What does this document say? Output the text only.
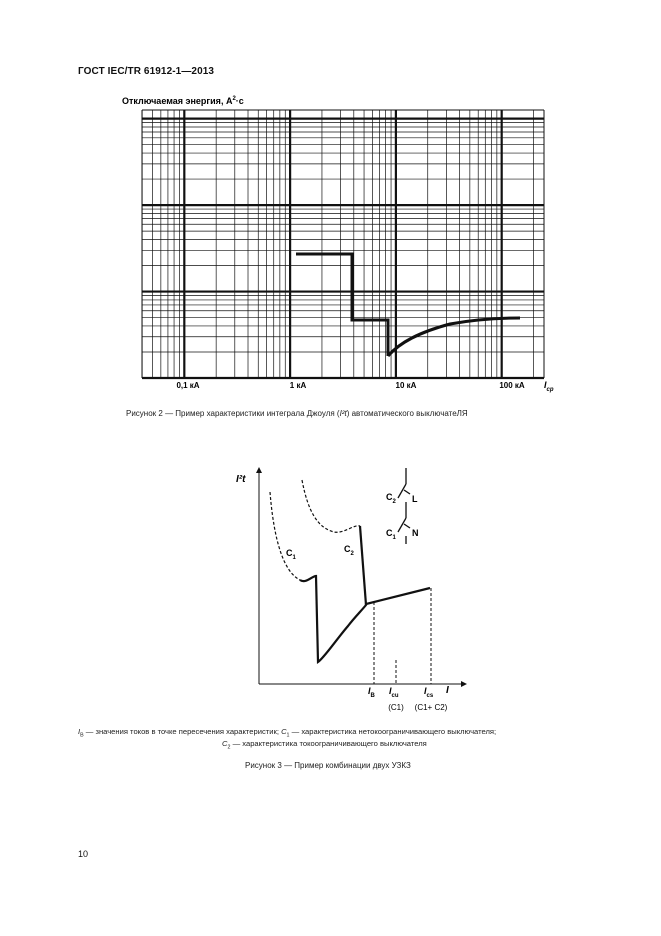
ГОСТ IEC/TR 61912-1—2013
Отключаемая энергия, $A^2\cdot с$
0,1 кА	1 кА	10 кА	100 кА $I_{ср}$
Рисунок 2 — Пример характеристики интеграла Джоуля (I²t) автоматического выключатеЛЯ
I²t
I
$C_1$
$C_2$
$C_2$ L
$C_1$ N
$I_B$ $I_{cu}$	$I_{cs}$
(C1) (C1+ C2)
$I_B$ — значения токов в точке пересечения характеристик; $C_1$ — характеристика нетокоограничивающего выключателя;
$C_2$ — характеристика токоограничивающего выключателя
Рисунок 3 — Пример комбинации двух УЗКЗ
10
